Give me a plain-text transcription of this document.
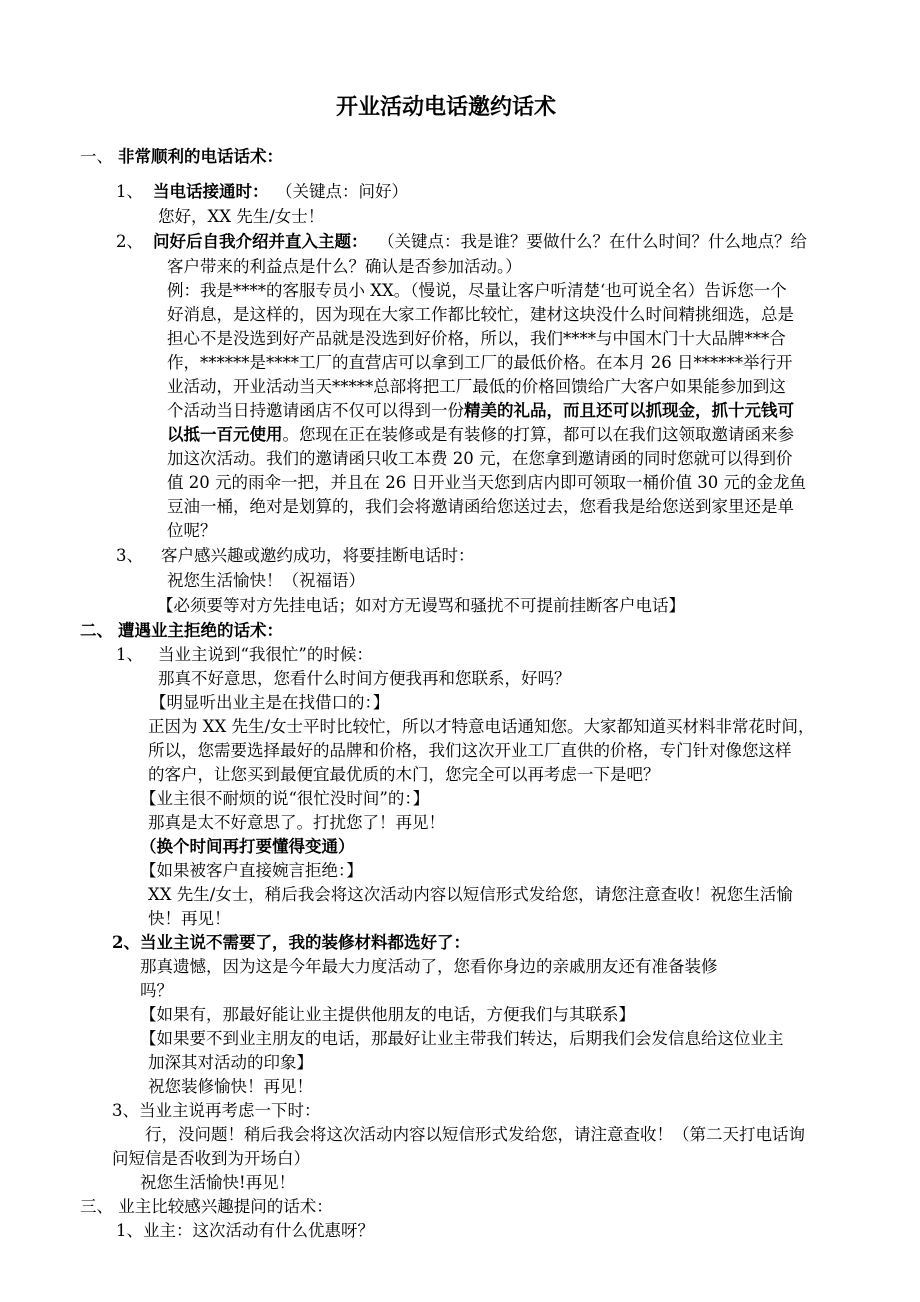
开业活动电话邀约话术
一、 非常顺利的电话话术：
1、 当电话接通时： （关键点：问好）
您好，XX 先生/女士！
2、 问好后自我介绍并直入主题： （关键点：我是谁？要做什么？在什么时间？什么地点？给
客户带来的利益点是什么？确认是否参加活动。）
例：我是****的客服专员小 XX。（慢说，尽量让客户听清楚‘也可说全名）告诉您一个
好消息，是这样的，因为现在大家工作都比较忙，建材这块没什么时间精挑细选，总是
担心不是没选到好产品就是没选到好价格，所以，我们****与中国木门十大品牌***合
作，******是****工厂的直营店可以拿到工厂的最低价格。在本月 26 日******举行开
业活动，开业活动当天*****总部将把工厂最低的价格回馈给广大客户如果能参加到这
个活动当日持邀请函店不仅可以得到一份精美的礼品，而且还可以抓现金，抓十元钱可
以抵一百元使用。您现在正在装修或是有装修的打算，都可以在我们这领取邀请函来参
加这次活动。我们的邀请函只收工本费 20 元，在您拿到邀请函的同时您就可以得到价
值 20 元的雨伞一把，并且在 26 日开业当天您到店内即可领取一桶价值 30 元的金龙鱼
豆油一桶，绝对是划算的，我们会将邀请函给您送过去，您看我是给您送到家里还是单
位呢？
3、 客户感兴趣或邀约成功，将要挂断电话时：
祝您生活愉快！（祝福语）
【必须要等对方先挂电话；如对方无谩骂和骚扰不可提前挂断客户电话】
二、 遭遇业主拒绝的话术：
1、 当业主说到“我很忙”的时候：
那真不好意思，您看什么时间方便我再和您联系，好吗？
【明显听出业主是在找借口的：】
正因为 XX 先生/女士平时比较忙，所以才特意电话通知您。大家都知道买材料非常花时间，
所以，您需要选择最好的品牌和价格，我们这次开业工厂直供的价格，专门针对像您这样
的客户，让您买到最便宜最优质的木门，您完全可以再考虑一下是吧？
【业主很不耐烦的说“很忙没时间”的：】
那真是太不好意思了。打扰您了！再见！
（换个时间再打要懂得变通）
【如果被客户直接婉言拒绝：】
XX 先生/女士，稍后我会将这次活动内容以短信形式发给您，请您注意查收！祝您生活愉
快！再见！
2、当业主说不需要了，我的装修材料都选好了：
那真遗憾，因为这是今年最大力度活动了，您看你身边的亲戚朋友还有准备装修
吗？
【如果有，那最好能让业主提供他朋友的电话，方便我们与其联系】
【如果要不到业主朋友的电话，那最好让业主带我们转达，后期我们会发信息给这位业主
加深其对活动的印象】
祝您装修愉快！再见！
3、当业主说再考虑一下时：
行，没问题！稍后我会将这次活动内容以短信形式发给您，请注意查收！（第二天打电话询
问短信是否收到为开场白）
祝您生活愉快!再见！
三、 业主比较感兴趣提问的话术：
1、业主：这次活动有什么优惠呀？
